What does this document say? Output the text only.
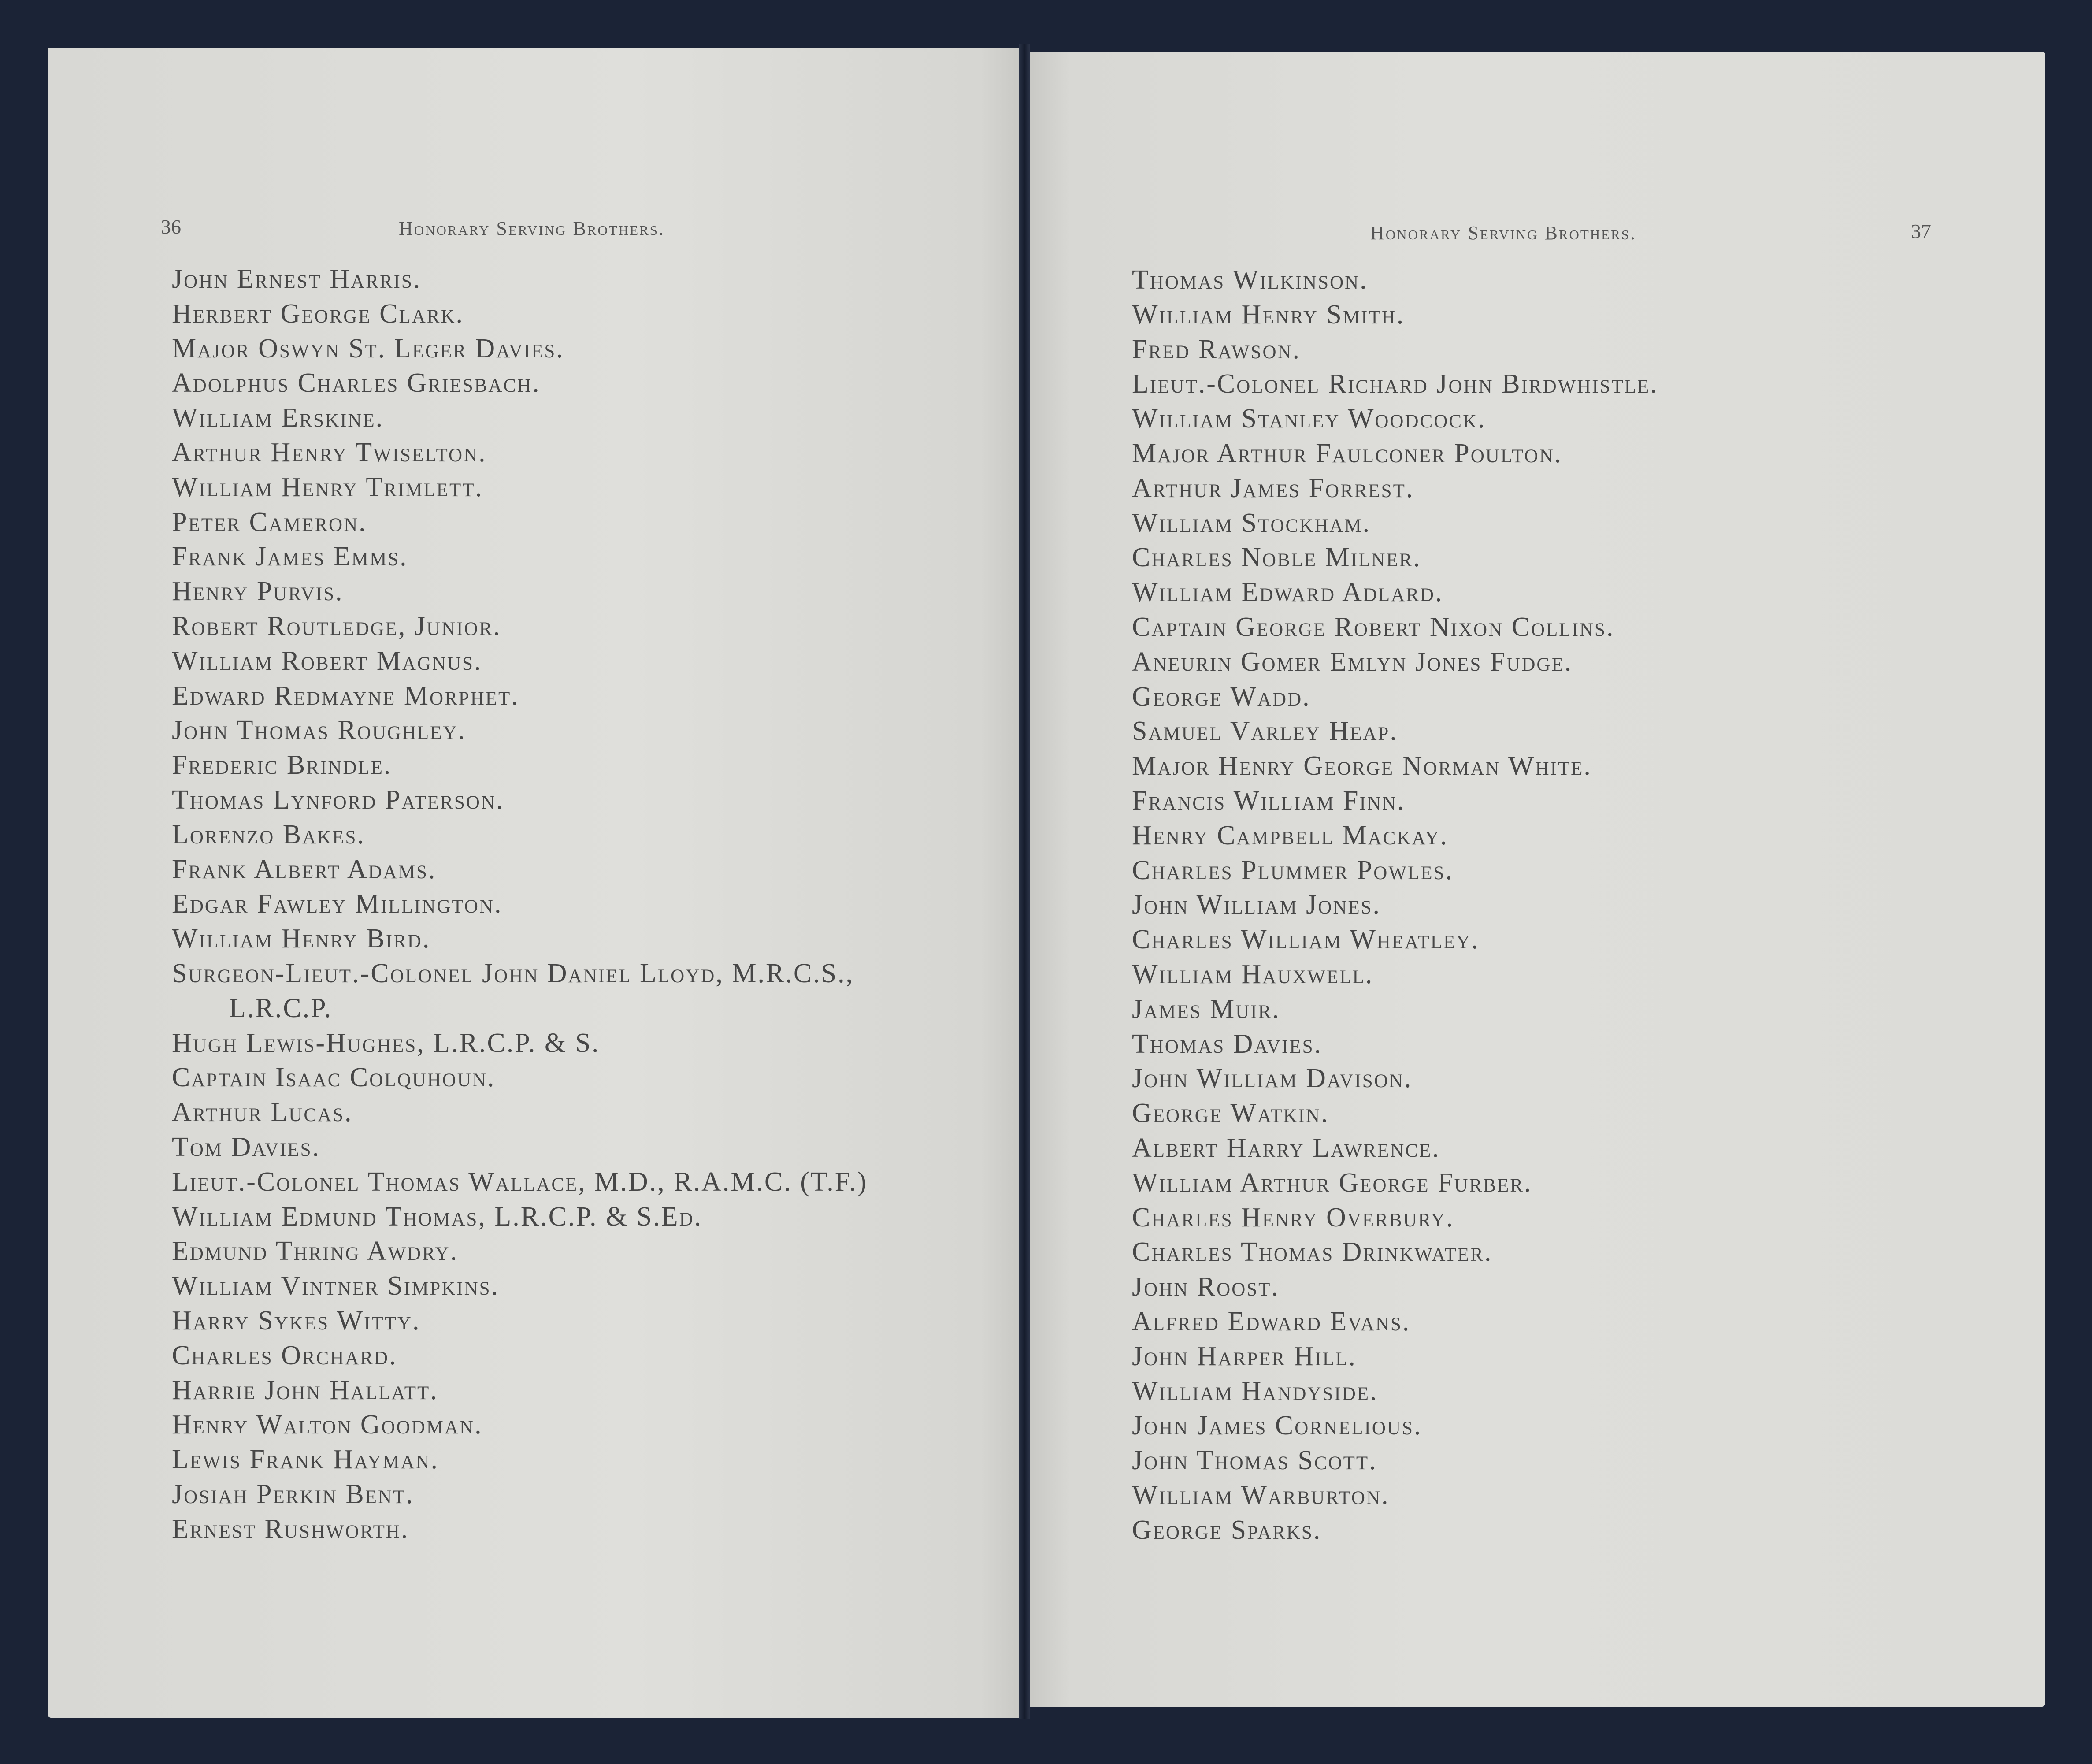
36	Honorary Serving Brothers.
John Ernest Harris.
Herbert George Clark.
Major Oswyn St. Leger Davies.
Adolphus Charles Griesbach.
William Erskine.
Arthur Henry Twiselton.
William Henry Trimlett.
Peter Cameron.
Frank James Emms.
Henry Purvis.
Robert Routledge, Junior.
William Robert Magnus.
Edward Redmayne Morphet.
John Thomas Roughley.
Frederic Brindle.
Thomas Lynford Paterson.
Lorenzo Bakes.
Frank Albert Adams.
Edgar Fawley Millington.
William Henry Bird.
Surgeon-Lieut.-Colonel John Daniel Lloyd, M.R.C.S.,
L.R.C.P.
Hugh Lewis-Hughes, L.R.C.P. & S.
Captain Isaac Colquhoun.
Arthur Lucas.
Tom Davies.
Lieut.-Colonel Thomas Wallace, M.D., R.A.M.C. (T.F.)
William Edmund Thomas, L.R.C.P. & S.Ed.
Edmund Thring Awdry.
William Vintner Simpkins.
Harry Sykes Witty.
Charles Orchard.
Harrie John Hallatt.
Henry Walton Goodman.
Lewis Frank Hayman.
Josiah Perkin Bent.
Ernest Rushworth.
Honorary Serving Brothers.	37
Thomas Wilkinson.
William Henry Smith.
Fred Rawson.
Lieut.-Colonel Richard John Birdwhistle.
William Stanley Woodcock.
Major Arthur Faulconer Poulton.
Arthur James Forrest.
William Stockham.
Charles Noble Milner.
William Edward Adlard.
Captain George Robert Nixon Collins.
Aneurin Gomer Emlyn Jones Fudge.
George Wadd.
Samuel Varley Heap.
Major Henry George Norman White.
Francis William Finn.
Henry Campbell Mackay.
Charles Plummer Powles.
John William Jones.
Charles William Wheatley.
William Hauxwell.
James Muir.
Thomas Davies.
John William Davison.
George Watkin.
Albert Harry Lawrence.
William Arthur George Furber.
Charles Henry Overbury.
Charles Thomas Drinkwater.
John Roost.
Alfred Edward Evans.
John Harper Hill.
William Handyside.
John James Cornelious.
John Thomas Scott.
William Warburton.
George Sparks.
